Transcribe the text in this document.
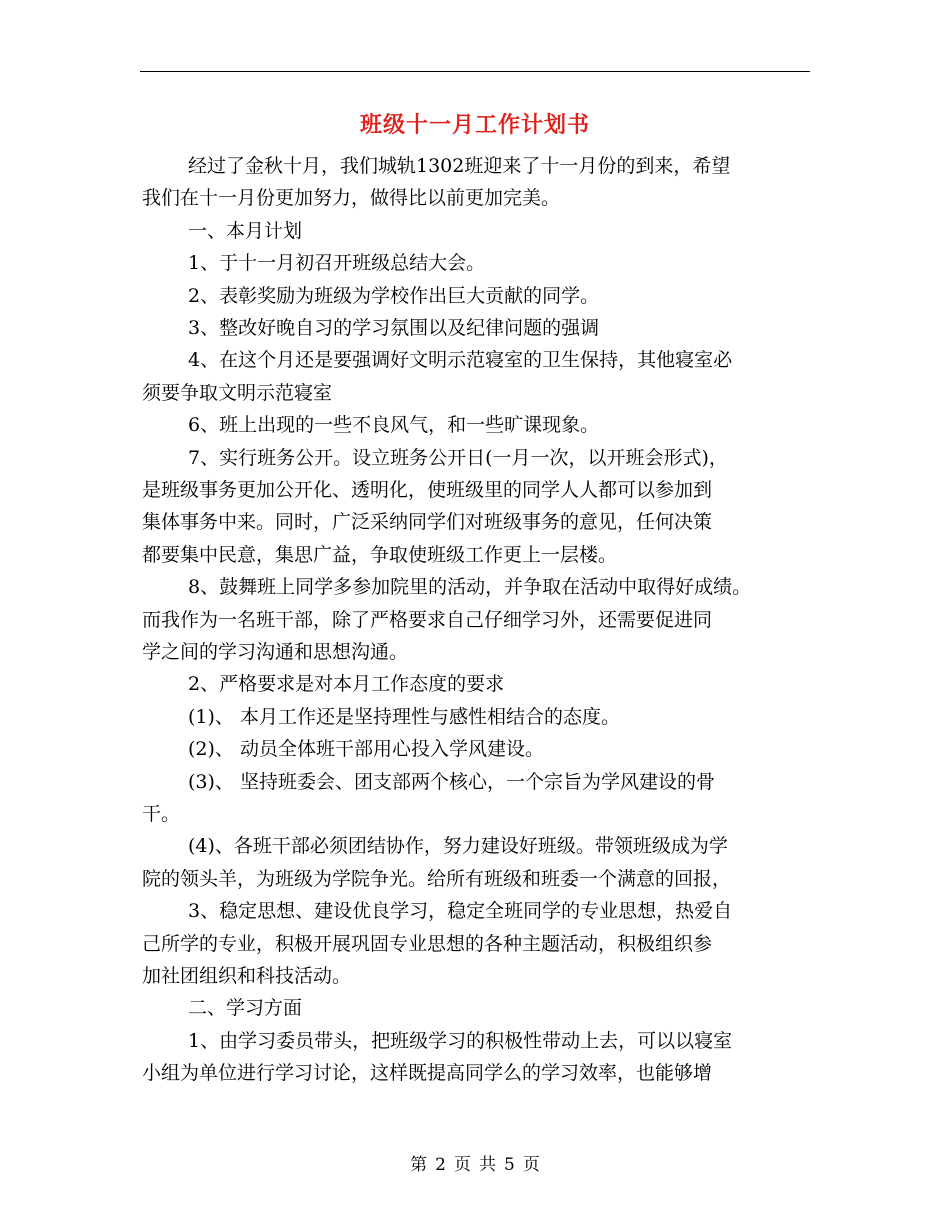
班级十一月工作计划书
经过了金秋十月，我们城轨1302班迎来了十一月份的到来，希望
我们在十一月份更加努力，做得比以前更加完美。
一、本月计划
1、于十一月初召开班级总结大会。
2、表彰奖励为班级为学校作出巨大贡献的同学。
3、整改好晚自习的学习氛围以及纪律问题的强调
4、在这个月还是要强调好文明示范寝室的卫生保持，其他寝室必
须要争取文明示范寝室
6、班上出现的一些不良风气，和一些旷课现象。
7、实行班务公开。设立班务公开日(一月一次，以开班会形式)，
是班级事务更加公开化、透明化，使班级里的同学人人都可以参加到
集体事务中来。同时，广泛采纳同学们对班级事务的意见，任何决策
都要集中民意，集思广益，争取使班级工作更上一层楼。
8、鼓舞班上同学多参加院里的活动，并争取在活动中取得好成绩。
而我作为一名班干部，除了严格要求自己仔细学习外，还需要促进同
学之间的学习沟通和思想沟通。
2、严格要求是对本月工作态度的要求
(1)、 本月工作还是坚持理性与感性相结合的态度。
(2)、 动员全体班干部用心投入学风建设。
(3)、 坚持班委会、团支部两个核心，一个宗旨为学风建设的骨
干。
(4)、各班干部必须团结协作，努力建设好班级。带领班级成为学
院的领头羊，为班级为学院争光。给所有班级和班委一个满意的回报，
3、稳定思想、建设优良学习，稳定全班同学的专业思想，热爱自
己所学的专业，积极开展巩固专业思想的各种主题活动，积极组织参
加社团组织和科技活动。
二、学习方面
1、由学习委员带头，把班级学习的积极性带动上去，可以以寝室
小组为单位进行学习讨论，这样既提高同学么的学习效率，也能够增
第 2 页 共 5 页
